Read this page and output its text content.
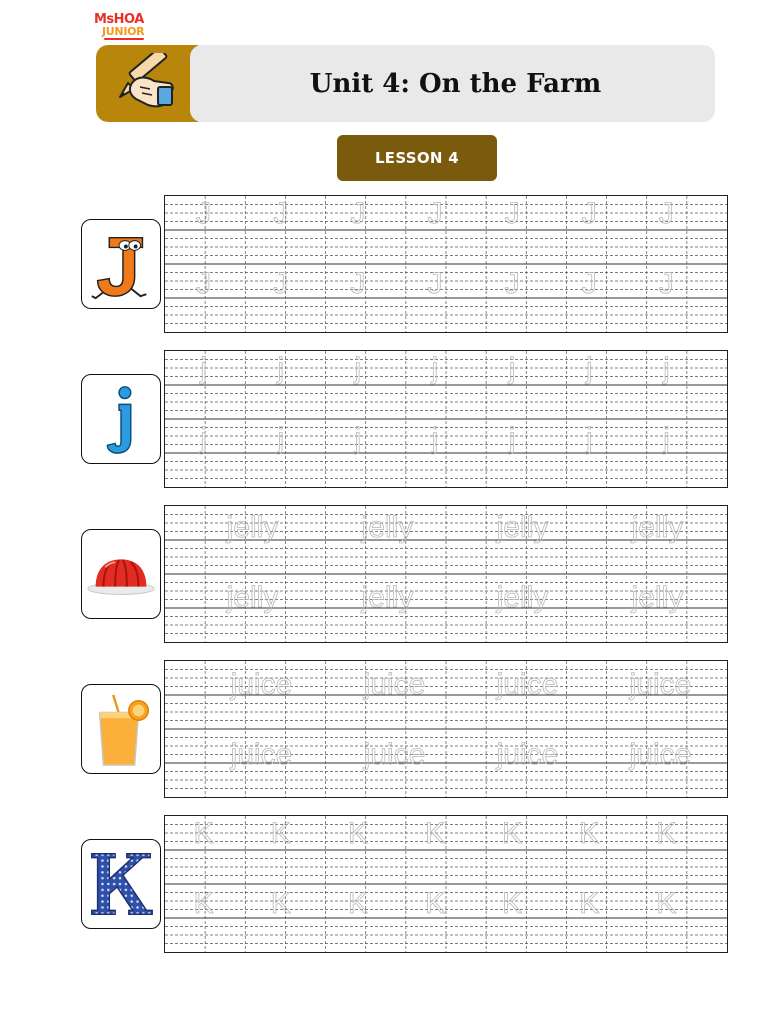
MsHOA
JUNIOR
Unit 4: On the Farm
LESSON 4
J	J	J	J	J	J	J
J	J	J	J	J	J	J
j	j	j	j	j	j	j
j	j	j	j	j	j	j
jelly	jelly	jelly	jelly
jelly	jelly	jelly	jelly
juice	juice	juice	juice
juice	juice	juice	juice
K	K	K	K	K	K	K
K	K	K	K	K	K	K
